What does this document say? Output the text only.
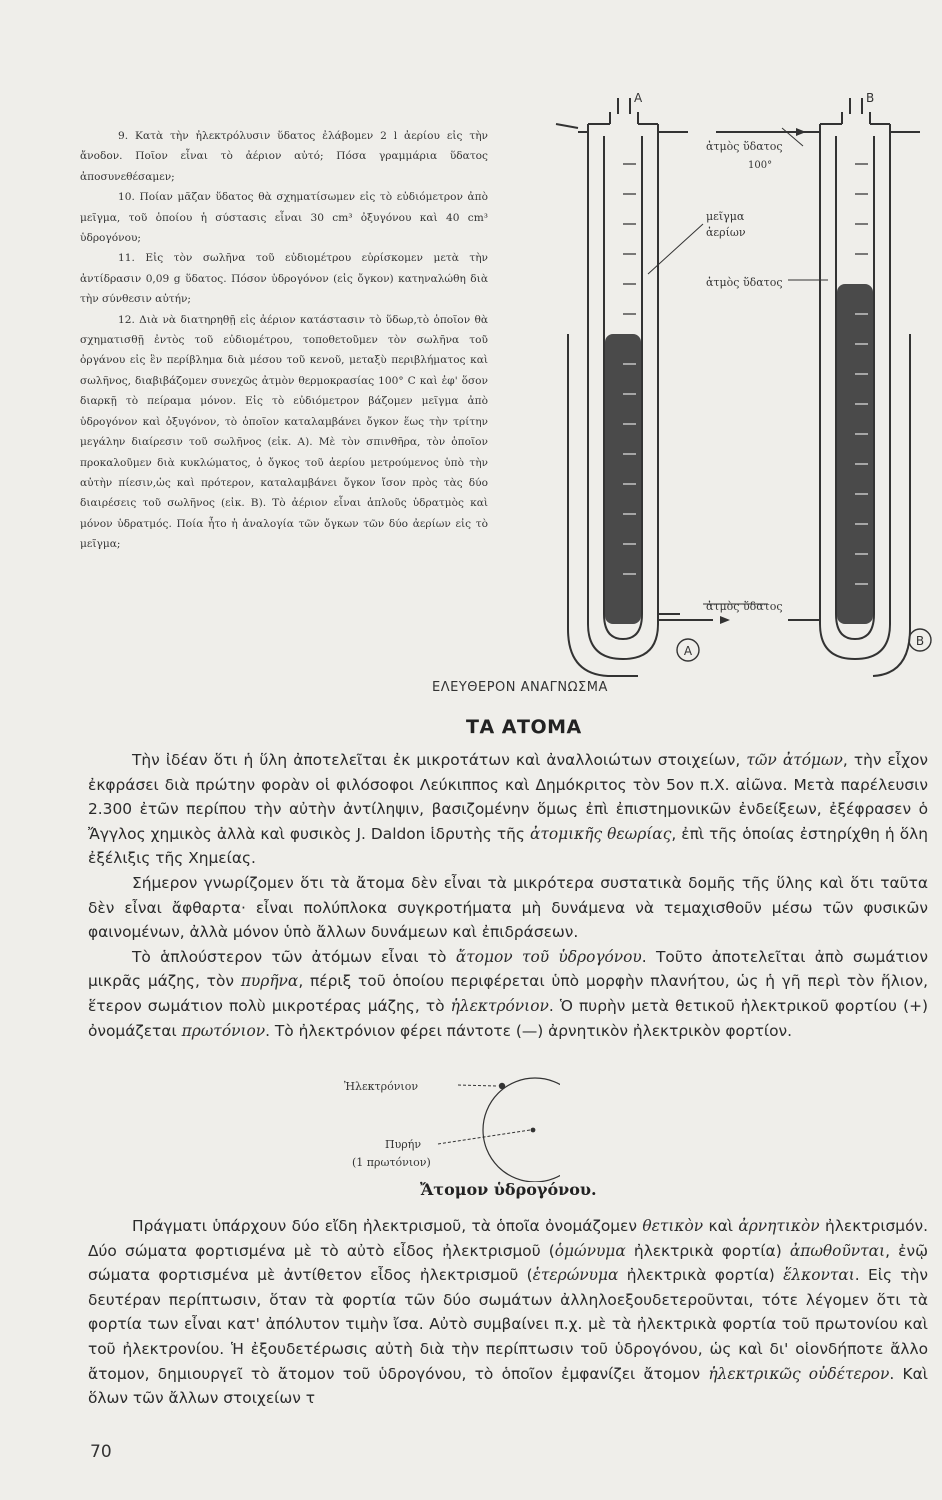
9. Κατὰ τὴν ἠλεκτρόλυσιν ὕδατος ἐλάβομεν 2 l ἀερίου εἰς τὴν ἄνοδον. Ποῖον εἶναι τὸ ἀέριον αὐτό; Πόσα γραμμάρια ὕδατος ἀποσυνεθέσαμεν;

10. Ποίαν μᾶζαν ὕδατος θὰ σχηματίσωμεν εἰς τὸ εὐδιόμετρον ἀπὸ μεῖγμα, τοῦ ὁποίου ἡ σύστασις εἶναι 30 cm³ ὀξυγόνου καὶ 40 cm³ ὑδρογόνου;

11. Εἰς τὸν σωλῆνα τοῦ εὐδιομέτρου εὑρίσκομεν μετὰ τὴν ἀντίδρασιν 0,09 g ὕδατος. Πόσον ὑδρογόνον (εἰς ὄγκον) κατηναλώθη διὰ τὴν σύνθεσιν αὐτήν;

12. Διὰ νὰ διατηρηθῇ εἰς ἀέριον κατάστασιν τὸ ὕδωρ,τὸ ὁποῖον θὰ σχηματισθῇ ἐντὸς τοῦ εὐδιομέτρου, τοποθετοῦμεν τὸν σωλῆνα τοῦ ὀργάνου εἰς ἓν περίβλημα διὰ μέσου τοῦ κενοῦ, μεταξὺ περιβλήματος καὶ σωλῆνος, διαβιβάζομεν συνεχῶς ἀτμὸν θερμοκρασίας 100° C καὶ ἐφ' ὅσον διαρκῇ τὸ πείραμα μόνον. Εἰς τὸ εὐδιόμετρον βάζομεν μεῖγμα ἀπὸ ὑδρογόνον καὶ ὀξυγόνον, τὸ ὁποῖον καταλαμβάνει ὄγκον ἕως τὴν τρίτην μεγάλην διαίρεσιν τοῦ σωλῆνος (εἰκ. Α). Μὲ τὸν σπινθῆρα, τὸν ὁποῖον προκαλοῦμεν διὰ κυκλώματος, ὁ ὄγκος τοῦ ἀερίου μετρούμενος ὑπὸ τὴν αὐτὴν πίεσιν,ὡς καὶ πρότερον, καταλαμβάνει ὄγκον ἴσον πρὸς τὰς δύο διαιρέσεις τοῦ σωλῆνος (εἰκ. Β). Τὸ ἀέριον εἶναι ἁπλοῦς ὑδρατμὸς καὶ μόνον ὑδρατμός. Ποία ἦτο ἡ ἀναλογία τῶν ὄγκων τῶν δύο ἀερίων εἰς τὸ μεῖγμα;

A	B
ἀτμὸς ὕδατος
100°
μεῖγμα
ἀερίων
ἀτμὸς ὕδατος
ἀτμὸς ὕδατος
A
B
ΕΛΕΥΘΕΡΟΝ ΑΝΑΓΝΩΣΜΑ
ΤΑ ΑΤΟΜΑ

Τὴν ἰδέαν ὅτι ἡ ὕλη ἀποτελεῖται ἐκ μικροτάτων καὶ ἀναλλοιώτων στοιχείων, τῶν ἀτόμων, τὴν εἶχον ἐκφράσει διὰ πρώτην φορὰν οἱ φιλόσοφοι Λεύκιππος καὶ Δημόκριτος τὸν 5ον π.Χ. αἰῶνα. Μετὰ παρέλευσιν 2.300 ἐτῶν περίπου τὴν αὐτὴν ἀντίληψιν, βασιζομένην ὅμως ἐπὶ ἐπιστημονικῶν ἐνδείξεων, ἐξέφρασεν ὁ Ἄγγλος χημικὸς ἀλλὰ καὶ φυσικὸς J. Daldon ἱδρυτὴς τῆς ἀτομικῆς θεωρίας, ἐπὶ τῆς ὁποίας ἐστηρίχθη ἡ ὅλη ἐξέλιξις τῆς Χημείας.

Σήμερον γνωρίζομεν ὅτι τὰ ἄτομα δὲν εἶναι τὰ μικρότερα συστατικὰ δομῆς τῆς ὕλης καὶ ὅτι ταῦτα δὲν εἶναι ἄφθαρτα· εἶναι πολύπλοκα συγκροτήματα μὴ δυνάμενα νὰ τεμαχισθοῦν μέσω τῶν φυσικῶν φαινομένων, ἀλλὰ μόνον ὑπὸ ἄλλων δυνάμεων καὶ ἐπιδράσεων.

Τὸ ἁπλούστερον τῶν ἀτόμων εἶναι τὸ ἄτομον τοῦ ὑδρογόνου. Τοῦτο ἀποτελεῖται ἀπὸ σωμάτιον μικρᾶς μάζης, τὸν πυρῆνα, πέριξ τοῦ ὁποίου περιφέρεται ὑπὸ μορφὴν πλανήτου, ὡς ἡ γῆ περὶ τὸν ἥλιον, ἕτερον σωμάτιον πολὺ μικροτέρας μάζης, τὸ ἠλεκτρόνιον. Ὁ πυρὴν μετὰ θετικοῦ ἠλεκτρικοῦ φορτίου (+) ὀνομάζεται πρωτόνιον. Τὸ ἠλεκτρόνιον φέρει πάντοτε (—) ἀρνητικὸν ἠλεκτρικὸν φορτίον.

Ἠλεκτρόνιον
Πυρήν
(1 πρωτόνιον)
Ἄτομον ὑδρογόνου.

Πράγματι ὑπάρχουν δύο εἴδη ἠλεκτρισμοῦ, τὰ ὁποῖα ὀνομάζομεν θετικὸν καὶ ἀρνητικὸν ἠλεκτρισμόν. Δύο σώματα φορτισμένα μὲ τὸ αὐτὸ εἶδος ἠλεκτρισμοῦ (ὁμώνυμα ἠλεκτρικὰ φορτία) ἀπωθοῦνται, ἐνῷ σώματα φορτισμένα μὲ ἀντίθετον εἶδος ἠλεκτρισμοῦ (ἑτερώνυμα ἠλεκτρικὰ φορτία) ἕλκονται. Εἰς τὴν δευτέραν περίπτωσιν, ὅταν τὰ φορτία τῶν δύο σωμάτων ἀλληλοεξουδετεροῦνται, τότε λέγομεν ὅτι τὰ φορτία των εἶναι κατ' ἀπόλυτον τιμὴν ἴσα. Αὐτὸ συμβαίνει π.χ. μὲ τὰ ἠλεκτρικὰ φορτία τοῦ πρωτονίου καὶ τοῦ ἠλεκτρονίου. Ἡ ἐξουδετέρωσις αὐτὴ διὰ τὴν περίπτωσιν τοῦ ὑδρογόνου, ὡς καὶ δι' οἱονδήποτε ἄλλο ἄτομον, δημιουργεῖ τὸ ἄτομον τοῦ ὑδρογόνου, τὸ ὁποῖον ἐμφανίζει ἄτομον ἠλεκτρικῶς οὐδέτερον. Καὶ ὅλων τῶν ἄλλων στοιχείων τ

70
